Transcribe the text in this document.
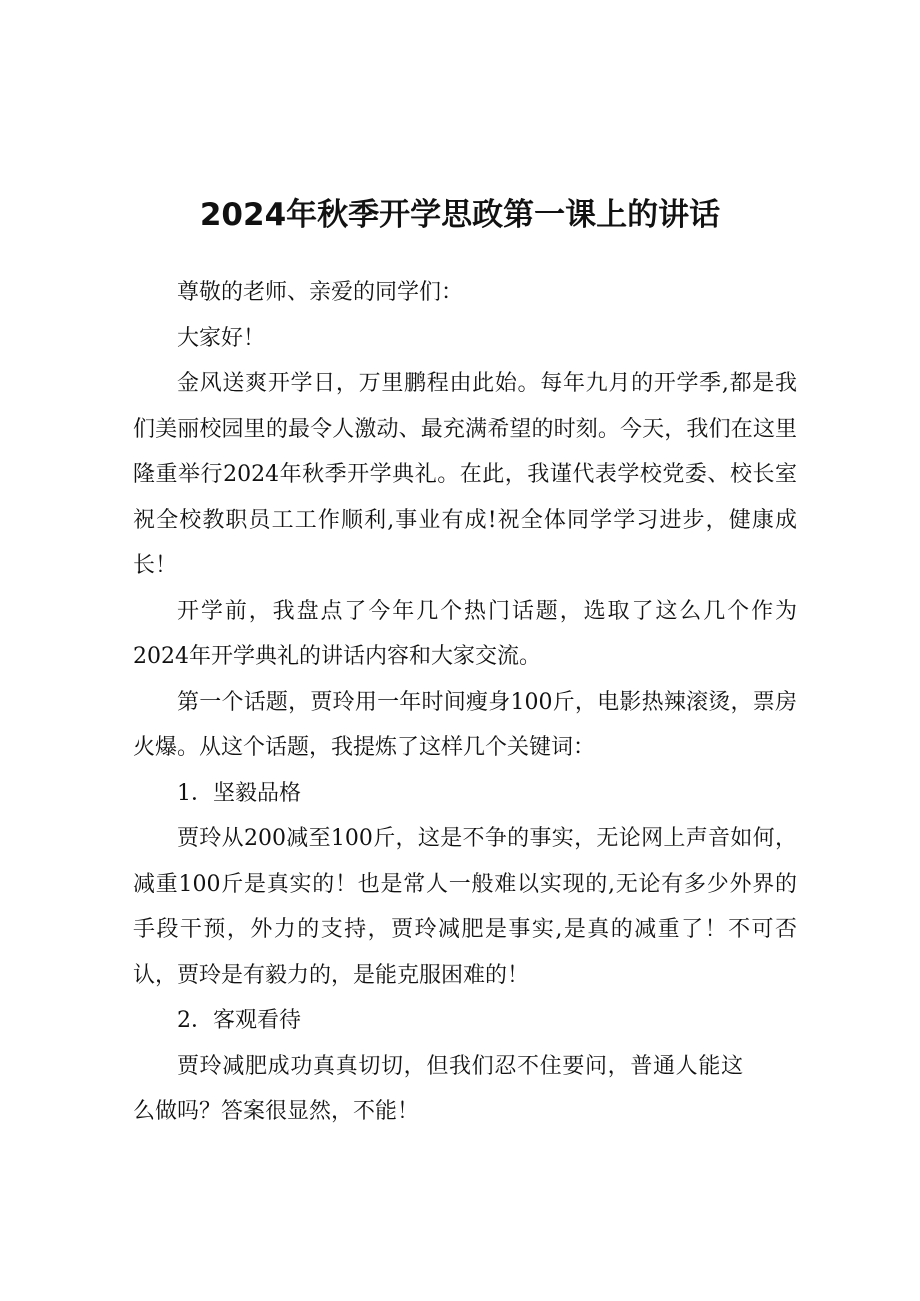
2024年秋季开学思政第一课上的讲话

尊敬的老师、亲爱的同学们：

大家好！

金风送爽开学日，万里鹏程由此始。每年九月的开学季,都是我们美丽校园里的最令人激动、最充满希望的时刻。今天，我们在这里隆重举行2024年秋季开学典礼。在此，我谨代表学校党委、校长室祝全校教职员工工作顺利,事业有成!祝全体同学学习进步，健康成长！

开学前，我盘点了今年几个热门话题，选取了这么几个作为2024年开学典礼的讲话内容和大家交流。

第一个话题，贾玲用一年时间瘦身100斤，电影热辣滚烫，票房火爆。从这个话题，我提炼了这样几个关键词：

1．坚毅品格

贾玲从200减至100斤，这是不争的事实，无论网上声音如何，减重100斤是真实的！也是常人一般难以实现的,无论有多少外界的手段干预，外力的支持，贾玲减肥是事实,是真的减重了！不可否认，贾玲是有毅力的，是能克服困难的！

2．客观看待

贾玲减肥成功真真切切，但我们忍不住要问，普通人能这么做吗？答案很显然，不能！
